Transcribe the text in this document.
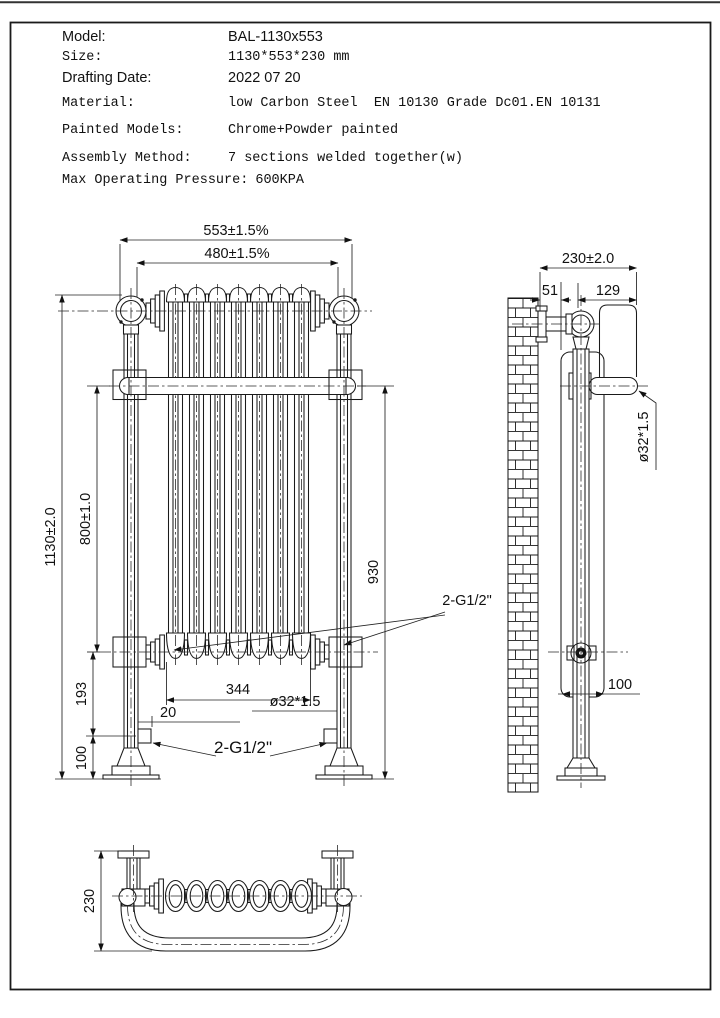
553±1.5%
480±1.5%
1130±2.0 800±1.0
930
193
100
344
20
ø32*1.5
2-G1/2"
2-G1/2"
230±2.0
51	129
ø32*1.5
100
230
Model:	BAL-1130x553
Size:	1130*553*230 mm
Drafting Date:	2022 07 20
Material:	low Carbon Steel  EN 10130 Grade Dc01.EN 10131
Painted Models:	Chrome+Powder painted
Assembly Method:	7 sections welded together(w)
Max Operating Pressure: 600KPA
